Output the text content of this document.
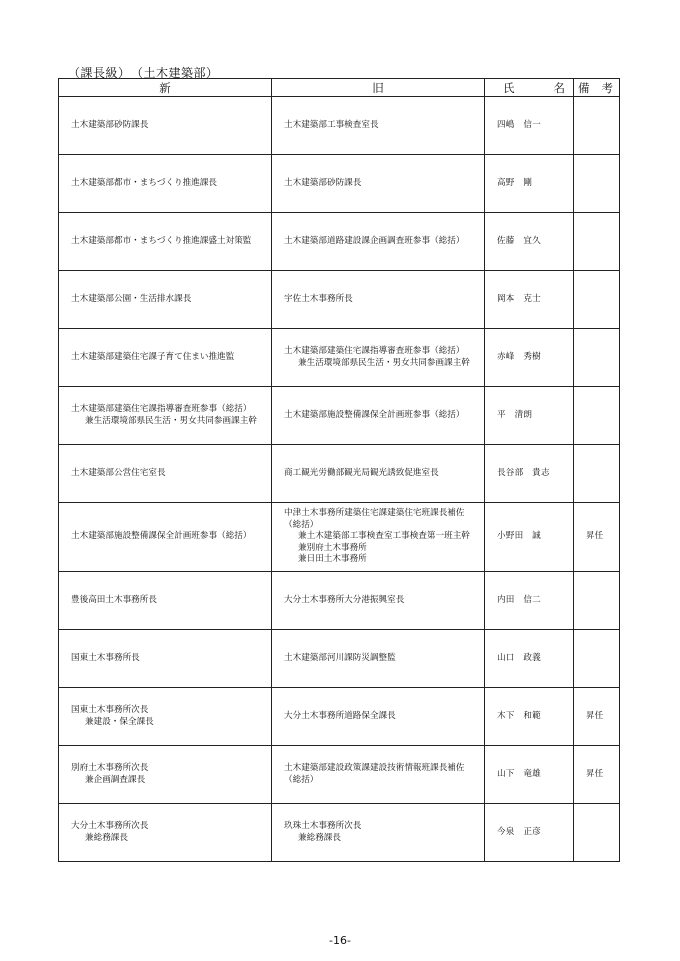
（課長級）　 （土木建築部）
新	旧	氏 名	備 考

土木建築部砂防課長	土木建築部工事検査室長	四嶋　信一	

土木建築部都市・まちづくり推進課長	土木建築部砂防課長	高野　剛	

土木建築部都市・まちづくり推進課盛土対策監	土木建築部道路建設課企画調査班参事（総括）	佐藤　宜久	

土木建築部公園・生活排水課長	宇佐土木事務所長	岡本　克士	

土木建築部建築住宅課子育て住まい推進監	土木建築部建築住宅課指導審査班参事（総括）
兼生活環境部県民生活・男女共同参画課主幹	赤峰　秀樹	

土木建築部建築住宅課指導審査班参事（総括）
兼生活環境部県民生活・男女共同参画課主幹	土木建築部施設整備課保全計画班参事（総括）	平　清朗	

土木建築部公営住宅室長	商工観光労働部観光局観光誘致促進室長	長谷部　貴志	

土木建築部施設整備課保全計画班参事（総括）	中津土木事務所建築住宅課建築住宅班課長補佐（総括）
兼土木建築部工事検査室工事検査第一班主幹
兼別府土木事務所
兼日田土木事務所	小野田　誠	昇任

豊後高田土木事務所長	大分土木事務所大分港振興室長	内田　信二	

国東土木事務所長	土木建築部河川課防災調整監	山口　政義	

国東土木事務所次長
兼建設・保全課長	大分土木事務所道路保全課長	木下　和範	昇任

別府土木事務所次長
兼企画調査課長	土木建築部建設政策課建設技術情報班課長補佐（総括）	山下　竜雄	昇任

大分土木事務所次長
兼総務課長	玖珠土木事務所次長
兼総務課長	今泉　正彦	
-16-
